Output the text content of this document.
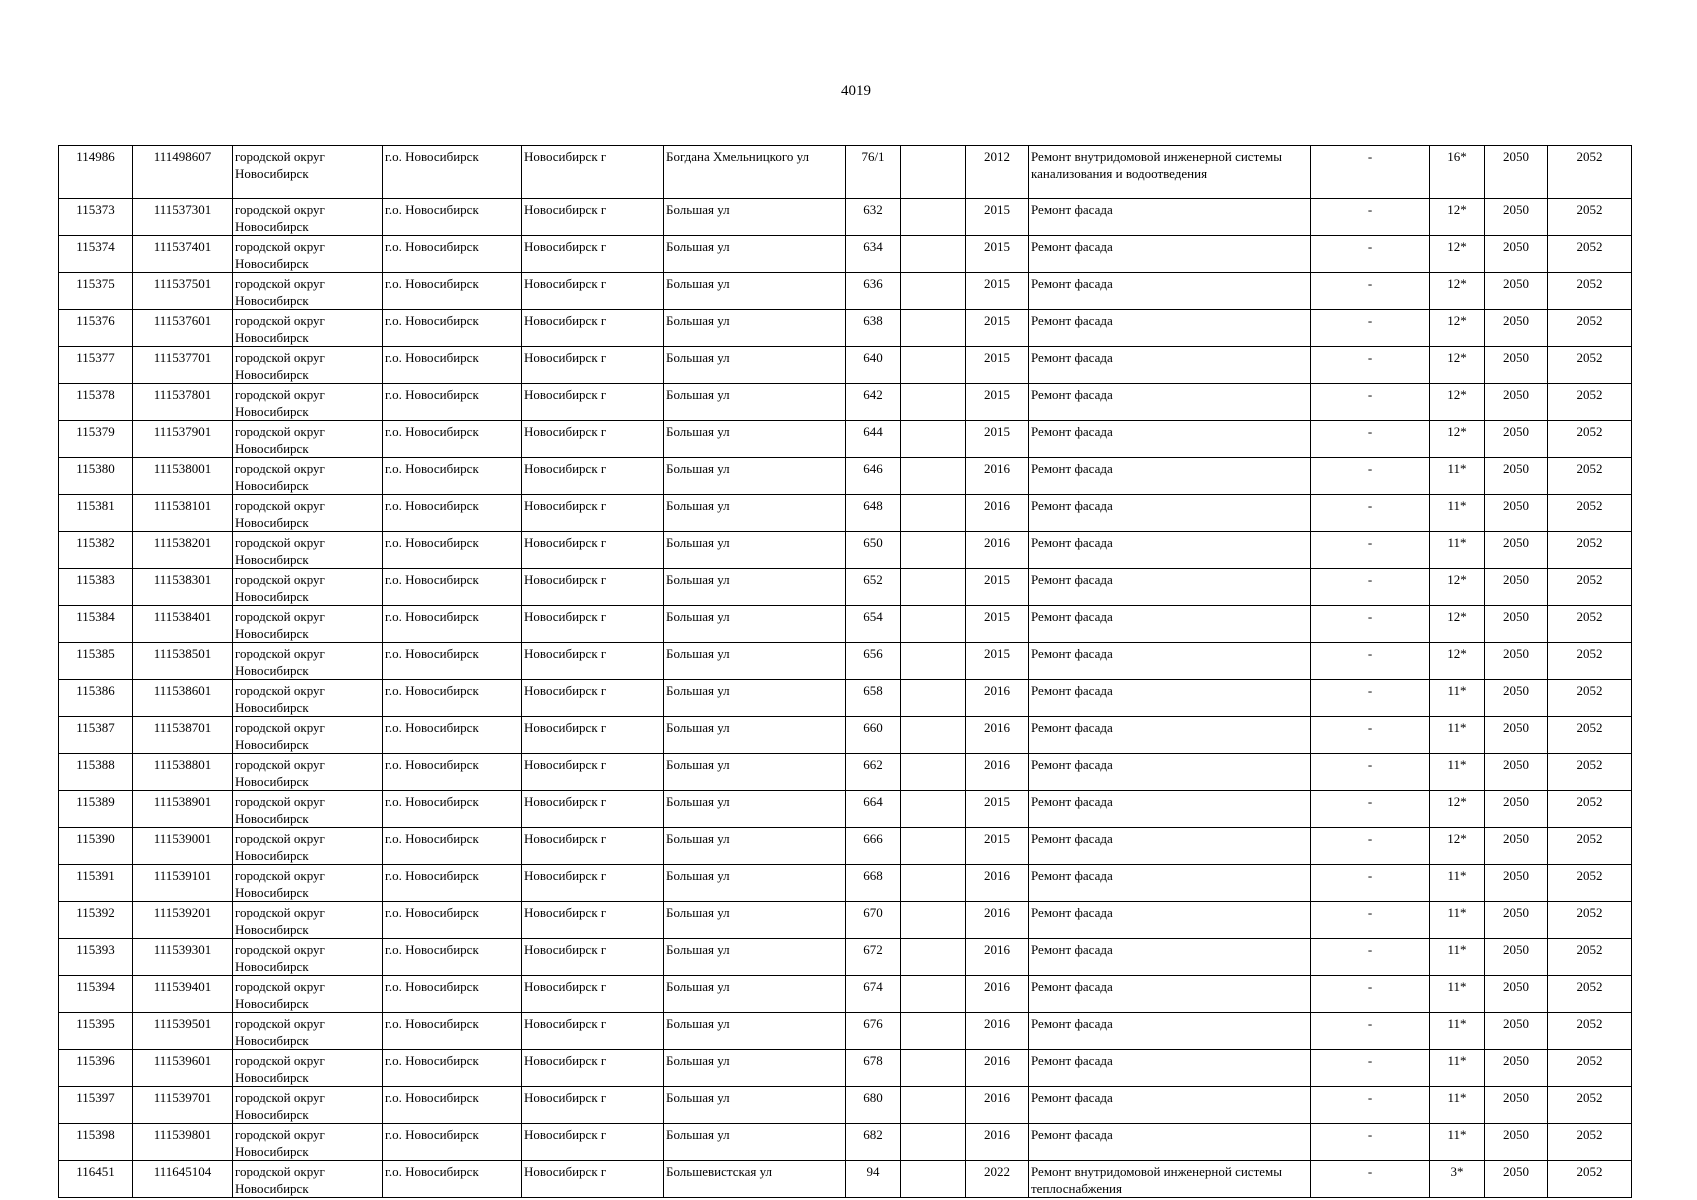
4019
114986	111498607	городской округ Новосибирск	г.о. Новосибирск	Новосибирск г	Богдана Хмельницкого ул	76/1		2012	Ремонт внутридомовой инженерной системы канализования и водоотведения	-	16*	2050	2052
115373	111537301	городской округ Новосибирск	г.о. Новосибирск	Новосибирск г	Большая ул	632		2015	Ремонт фасада	-	12*	2050	2052
115374	111537401	городской округ Новосибирск	г.о. Новосибирск	Новосибирск г	Большая ул	634		2015	Ремонт фасада	-	12*	2050	2052
115375	111537501	городской округ Новосибирск	г.о. Новосибирск	Новосибирск г	Большая ул	636		2015	Ремонт фасада	-	12*	2050	2052
115376	111537601	городской округ Новосибирск	г.о. Новосибирск	Новосибирск г	Большая ул	638		2015	Ремонт фасада	-	12*	2050	2052
115377	111537701	городской округ Новосибирск	г.о. Новосибирск	Новосибирск г	Большая ул	640		2015	Ремонт фасада	-	12*	2050	2052
115378	111537801	городской округ Новосибирск	г.о. Новосибирск	Новосибирск г	Большая ул	642		2015	Ремонт фасада	-	12*	2050	2052
115379	111537901	городской округ Новосибирск	г.о. Новосибирск	Новосибирск г	Большая ул	644		2015	Ремонт фасада	-	12*	2050	2052
115380	111538001	городской округ Новосибирск	г.о. Новосибирск	Новосибирск г	Большая ул	646		2016	Ремонт фасада	-	11*	2050	2052
115381	111538101	городской округ Новосибирск	г.о. Новосибирск	Новосибирск г	Большая ул	648		2016	Ремонт фасада	-	11*	2050	2052
115382	111538201	городской округ Новосибирск	г.о. Новосибирск	Новосибирск г	Большая ул	650		2016	Ремонт фасада	-	11*	2050	2052
115383	111538301	городской округ Новосибирск	г.о. Новосибирск	Новосибирск г	Большая ул	652		2015	Ремонт фасада	-	12*	2050	2052
115384	111538401	городской округ Новосибирск	г.о. Новосибирск	Новосибирск г	Большая ул	654		2015	Ремонт фасада	-	12*	2050	2052
115385	111538501	городской округ Новосибирск	г.о. Новосибирск	Новосибирск г	Большая ул	656		2015	Ремонт фасада	-	12*	2050	2052
115386	111538601	городской округ Новосибирск	г.о. Новосибирск	Новосибирск г	Большая ул	658		2016	Ремонт фасада	-	11*	2050	2052
115387	111538701	городской округ Новосибирск	г.о. Новосибирск	Новосибирск г	Большая ул	660		2016	Ремонт фасада	-	11*	2050	2052
115388	111538801	городской округ Новосибирск	г.о. Новосибирск	Новосибирск г	Большая ул	662		2016	Ремонт фасада	-	11*	2050	2052
115389	111538901	городской округ Новосибирск	г.о. Новосибирск	Новосибирск г	Большая ул	664		2015	Ремонт фасада	-	12*	2050	2052
115390	111539001	городской округ Новосибирск	г.о. Новосибирск	Новосибирск г	Большая ул	666		2015	Ремонт фасада	-	12*	2050	2052
115391	111539101	городской округ Новосибирск	г.о. Новосибирск	Новосибирск г	Большая ул	668		2016	Ремонт фасада	-	11*	2050	2052
115392	111539201	городской округ Новосибирск	г.о. Новосибирск	Новосибирск г	Большая ул	670		2016	Ремонт фасада	-	11*	2050	2052
115393	111539301	городской округ Новосибирск	г.о. Новосибирск	Новосибирск г	Большая ул	672		2016	Ремонт фасада	-	11*	2050	2052
115394	111539401	городской округ Новосибирск	г.о. Новосибирск	Новосибирск г	Большая ул	674		2016	Ремонт фасада	-	11*	2050	2052
115395	111539501	городской округ Новосибирск	г.о. Новосибирск	Новосибирск г	Большая ул	676		2016	Ремонт фасада	-	11*	2050	2052
115396	111539601	городской округ Новосибирск	г.о. Новосибирск	Новосибирск г	Большая ул	678		2016	Ремонт фасада	-	11*	2050	2052
115397	111539701	городской округ Новосибирск	г.о. Новосибирск	Новосибирск г	Большая ул	680		2016	Ремонт фасада	-	11*	2050	2052
115398	111539801	городской округ Новосибирск	г.о. Новосибирск	Новосибирск г	Большая ул	682		2016	Ремонт фасада	-	11*	2050	2052
116451	111645104	городской округ Новосибирск	г.о. Новосибирск	Новосибирск г	Большевистская ул	94		2022	Ремонт внутридомовой инженерной системы теплоснабжения	-	3*	2050	2052
